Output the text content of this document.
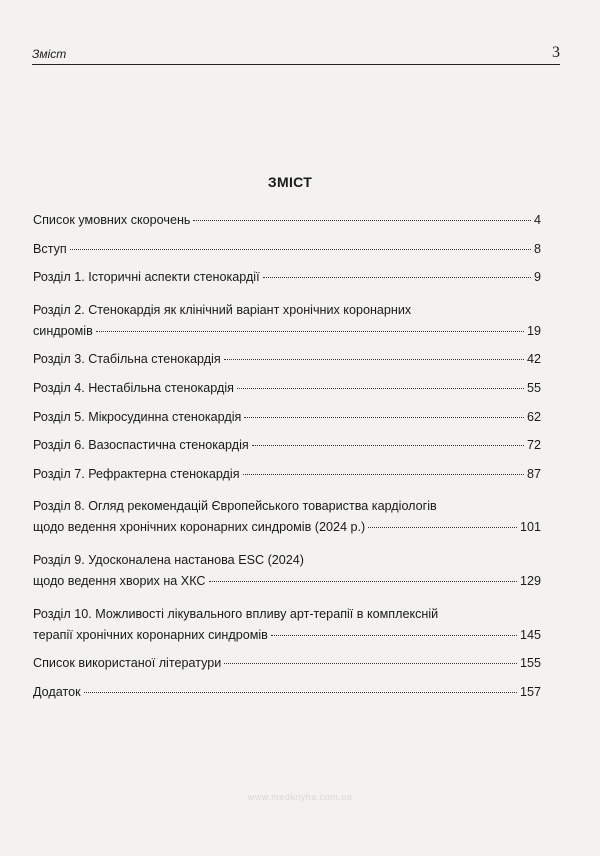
Зміст	3
ЗМІСТ
Список умовних скорочень	4
Вступ	8
Розділ 1. Історичні аспекти стенокардії	9
Розділ 2. Стенокардія як клінічний варіант хронічних коронарних
синдромів	19
Розділ 3. Стабільна стенокардія	42
Розділ 4. Нестабільна стенокардія	55
Розділ 5. Мікросудинна стенокардія	62
Розділ 6. Вазоспастична стенокардія	72
Розділ 7. Рефрактерна стенокардія	87
Розділ 8. Огляд рекомендацій Європейського товариства кардіологів
щодо ведення хронічних коронарних синдромів (2024 р.)	101
Розділ 9. Удосконалена настанова ESC (2024)
щодо ведення хворих на ХКС	129
Розділ 10. Можливості лікувального впливу арт-терапії в комплексній
терапії хронічних коронарних синдромів	145
Список використаної літератури	155
Додаток	157
www.medknyha.com.ua
